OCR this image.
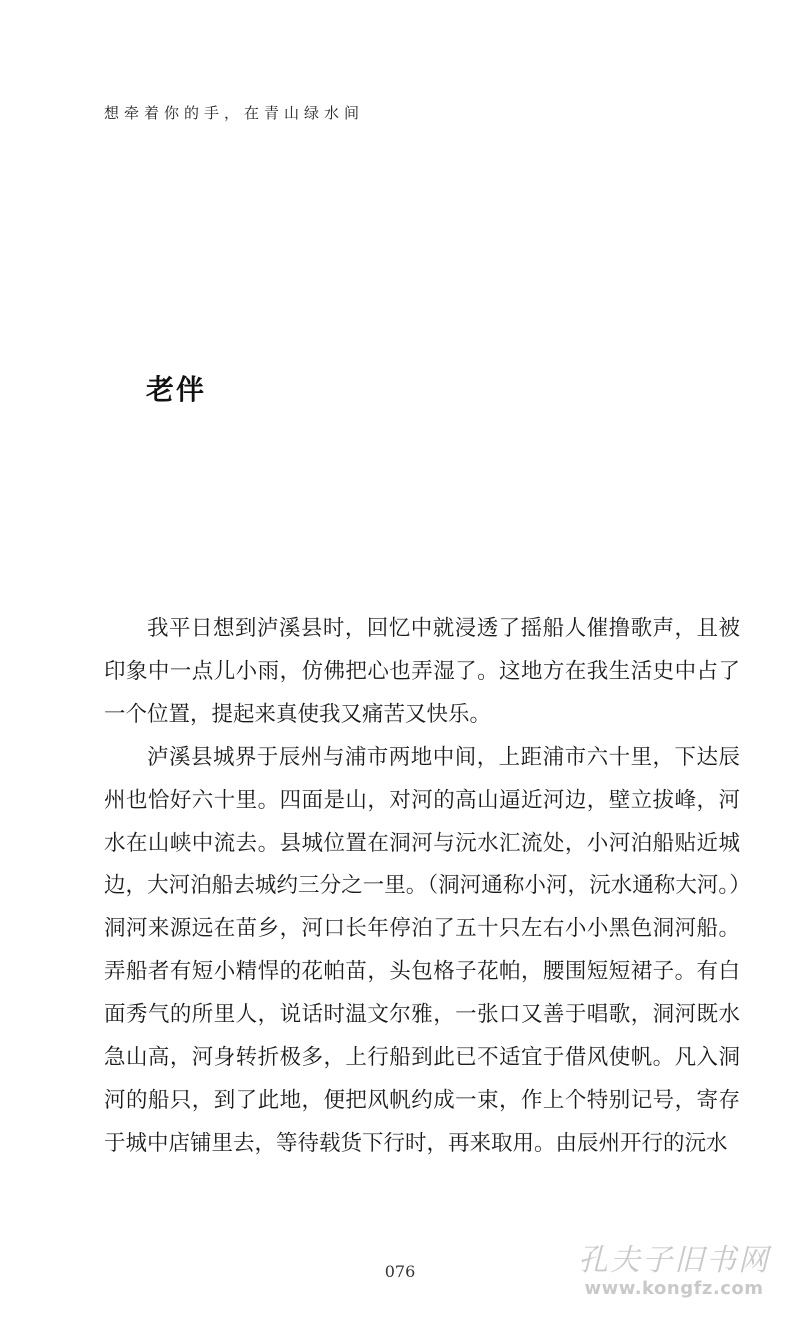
想牵着你的手，在青山绿水间
老伴

我平日想到泸溪县时，回忆中就浸透了摇船人催撸歌声，且被印象中一点儿小雨，仿佛把心也弄湿了。这地方在我生活史中占了一个位置，提起来真使我又痛苦又快乐。

泸溪县城界于辰州与浦市两地中间，上距浦市六十里，下达辰州也恰好六十里。四面是山，对河的高山逼近河边，壁立拔峰，河水在山峡中流去。县城位置在洞河与沅水汇流处，小河泊船贴近城边，大河泊船去城约三分之一里。（洞河通称小河，沅水通称大河。）洞河来源远在苗乡，河口长年停泊了五十只左右小小黑色洞河船。弄船者有短小精悍的花帕苗，头包格子花帕，腰围短短裙子。有白面秀气的所里人，说话时温文尔雅，一张口又善于唱歌，洞河既水急山高，河身转折极多，上行船到此已不适宜于借风使帆。凡入洞河的船只，到了此地，便把风帆约成一束，作上个特别记号，寄存于城中店铺里去，等待载货下行时，再来取用。由辰州开行的沅水

076	孔夫子旧书网
www.kongfz.com
